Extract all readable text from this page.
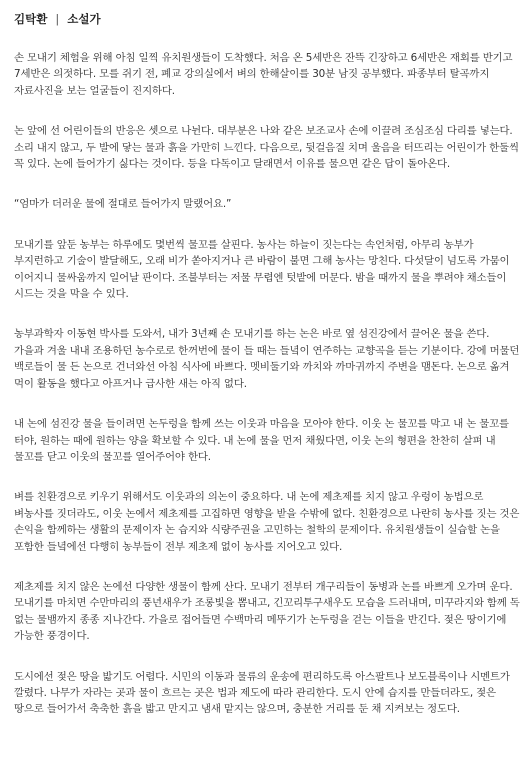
김탁환 | 소설가

손 모내기 체험을 위해 아침 일찍 유치원생들이 도착했다. 처음 온 5세반은 잔뜩 긴장하고 6세반은 재회를 반기고 7세반은 의젓하다. 모를 쥐기 전, 폐교 강의실에서 벼의 한해살이를 30분 남짓 공부했다. 파종부터 탈곡까지 자료사진을 보는 얼굴들이 진지하다.

논 앞에 선 어린이들의 반응은 셋으로 나뉜다. 대부분은 나와 같은 보조교사 손에 이끌려 조심조심 다리를 넣는다. 소리 내지 않고, 두 발에 닿는 물과 흙을 가만히 느낀다. 다음으로, 뒷걸음질 치며 울음을 터뜨리는 어린이가 한둘씩 꼭 있다. 논에 들어가기 싫다는 것이다. 등을 다독이고 달래면서 이유를 물으면 같은 답이 돌아온다.

“엄마가 더러운 물에 절대로 들어가지 말랬어요.”

모내기를 앞둔 농부는 하루에도 몇번씩 물꼬를 살핀다. 농사는 하늘이 짓는다는 속언처럼, 아무리 농부가 부지런하고 기술이 발달해도, 오래 비가 쏟아지거나 큰 바람이 불면 그해 농사는 망친다. 다섯달이 넘도록 가뭄이 이어지니 물싸움까지 일어날 판이다. 조불부터는 저물 무렵엔 텃밭에 머문다. 밤을 때까지 물을 뿌려야 채소들이 시드는 것을 막을 수 있다.

농부과학자 이동현 박사를 도와서, 내가 3년째 손 모내기를 하는 논은 바로 옆 섬진강에서 끌어온 물을 쓴다. 가을과 겨울 내내 조용하던 농수로로 한꺼번에 물이 들 때는 들녘이 연주하는 교향곡을 듣는 기분이다. 강에 머물던 백로들이 물 든 논으로 건너와선 아침 식사에 바쁘다. 멧비둘기와 까치와 까마귀까지 주변을 맴돈다. 논으로 옮겨 먹이 활동을 했다고 아프거나 급사한 새는 아직 없다.

내 논에 섬진강 물을 들이려면 논두렁을 함께 쓰는 이웃과 마음을 모아야 한다. 이웃 논 물꼬를 막고 내 논 물꼬를 터야, 원하는 때에 원하는 양을 확보할 수 있다. 내 논에 물을 먼저 채웠다면, 이웃 논의 형편을 찬찬히 살펴 내 물꼬를 닫고 이웃의 물꼬를 열어주어야 한다.

벼를 친환경으로 키우기 위해서도 이웃과의 의논이 중요하다. 내 논에 제초제를 치지 않고 우렁이 농법으로 벼농사를 짓더라도, 이웃 논에서 제초제를 고집하면 영향을 받을 수밖에 없다. 친환경으로 나란히 농사를 짓는 것은 손익을 함께하는 생활의 문제이자 논 습지와 식량주권을 고민하는 철학의 문제이다. 유치원생들이 실습할 논을 포함한 들녘에선 다행히 농부들이 전부 제초제 없이 농사를 지어오고 있다.

제초제를 치지 않은 논에선 다양한 생물이 함께 산다. 모내기 전부터 개구리들이 동병과 논를 바쁘게 오가며 운다. 모내기를 마치면 수만마리의 풍년새우가 조롱빛을 뽐내고, 긴꼬리투구새우도 모습을 드러내며, 미꾸라지와 함께 독 없는 물뱀까지 종종 지나간다. 가을로 접어들면 수백마리 메뚜기가 논두렁을 걷는 이들을 반긴다. 젖은 땅이기에 가능한 풍경이다.

도시에선 젖은 땅을 밟기도 어렵다. 시민의 이동과 물류의 운송에 편리하도록 아스팔트나 보도블록이나 시멘트가 깔렸다. 나무가 자라는 곳과 물이 흐르는 곳은 법과 제도에 따라 관리한다. 도시 안에 습지를 만들더라도, 젖은 땅으로 들어가서 축축한 흙을 밟고 만지고 냄새 맡지는 않으며, 충분한 거리를 둔 채 지켜보는 정도다.
